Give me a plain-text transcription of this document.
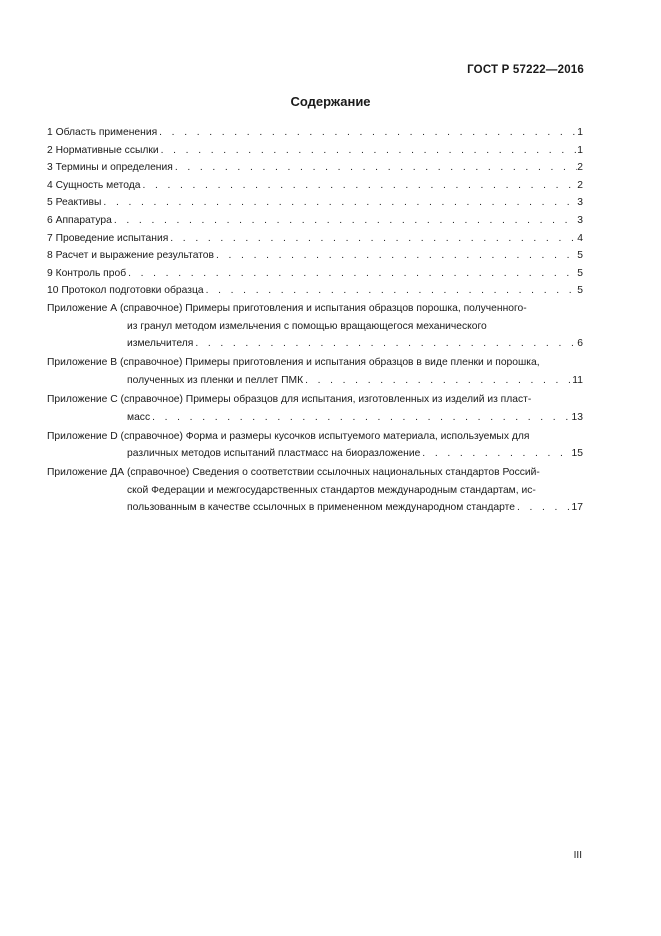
ГОСТ Р 57222—2016
Содержание
1 Область применения . . .	1
2 Нормативные ссылки . . .	1
3 Термины и определения . . .	2
4 Сущность метода . . .	2
5 Реактивы . . .	3
6 Аппаратура . . .	3
7 Проведение испытания . . .	4
8 Расчет и выражение результатов . . .	5
9 Контроль проб . . .	5
10 Протокол подготовки образца . . .	5
Приложение А (справочное) Примеры приготовления и испытания образцов порошка, полученного-
из гранул методом измельчения с помощью вращающегося механического
измельчителя . . .	6
Приложение В (справочное) Примеры приготовления и испытания образцов в виде пленки и порошка,
полученных из пленки и пеллет ПМК . . .	11
Приложение С (справочное) Примеры образцов для испытания, изготовленных из изделий из пласт-
масс . . .	13
Приложение D (справочное) Форма и размеры кусочков испытуемого материала, используемых для
различных методов испытаний пластмасс на биоразложение . . .	15
Приложение ДА (справочное) Сведения о соответствии ссылочных национальных стандартов Россий-
ской Федерации и межгосударственных стандартов международным стандартам, ис-
пользованным в качестве ссылочных в примененном международном стандарте . . .	17
III
